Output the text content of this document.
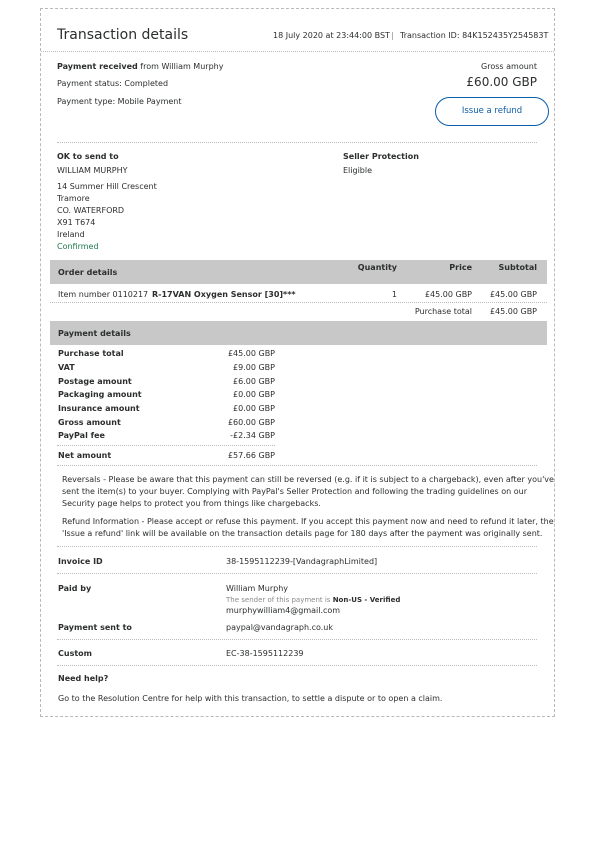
Transaction details	18 July 2020 at 23:44:00 BST | Transaction ID: 84K152435Y254583T
Payment received from William Murphy
Payment status: Completed
Payment type: Mobile Payment
Gross amount
£60.00 GBP
Issue a refund
OK to send to
WILLIAM MURPHY
14 Summer Hill Crescent
Tramore
CO. WATERFORD
X91 T674
Ireland
Confirmed
Seller Protection
Eligible
Order details
Quantity	Price	Subtotal
Item number 0110217 R-17VAN Oxygen Sensor [30]***	1	£45.00 GBP £45.00 GBP
Purchase total £45.00 GBP
Payment details
Purchase total	£45.00 GBP
VAT	£9.00 GBP
Postage amount	£6.00 GBP
Packaging amount	£0.00 GBP
Insurance amount	£0.00 GBP
Gross amount	£60.00 GBP
PayPal fee	-£2.34 GBP
Net amount	£57.66 GBP
Reversals - Please be aware that this payment can still be reversed (e.g. if it is subject to a chargeback), even after you've
sent the item(s) to your buyer. Complying with PayPal's Seller Protection and following the trading guidelines on our
Security page helps to protect you from things like chargebacks.
Refund Information - Please accept or refuse this payment. If you accept this payment now and need to refund it later, the
'Issue a refund' link will be available on the transaction details page for 180 days after the payment was originally sent.
Invoice ID	38-1595112239-[VandagraphLimited]
Paid by	William Murphy
The sender of this payment is Non-US - Verified
murphywilliam4@gmail.com
Payment sent to	paypal@vandagraph.co.uk
Custom	EC-38-1595112239
Need help?
Go to the Resolution Centre for help with this transaction, to settle a dispute or to open a claim.
